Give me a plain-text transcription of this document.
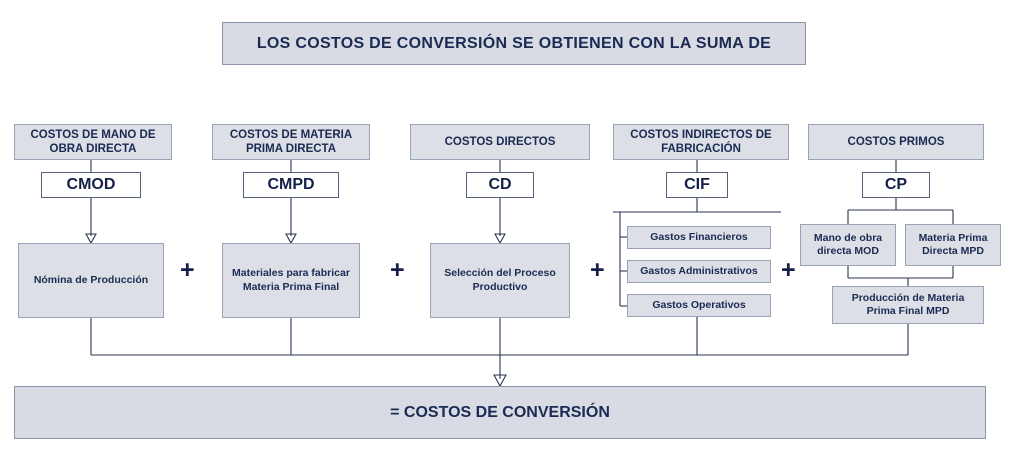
LOS COSTOS DE CONVERSIÓN SE OBTIENEN CON LA SUMA DE
COSTOS DE MANO DE OBRA DIRECTA
COSTOS DE MATERIA PRIMA DIRECTA
COSTOS DIRECTOS
COSTOS INDIRECTOS DE FABRICACIÓN
COSTOS PRIMOS
CMOD	CMPD	CD	CIF	CP
Nómina de Producción
Materiales para fabricar Materia Prima Final
Selección del Proceso Productivo
Gastos Financieros
Gastos Administrativos
Gastos Operativos
Mano de obra directa MOD
Materia Prima Directa MPD
Producción de Materia Prima Final MPD
+	+	+	+
= COSTOS DE CONVERSIÓN
